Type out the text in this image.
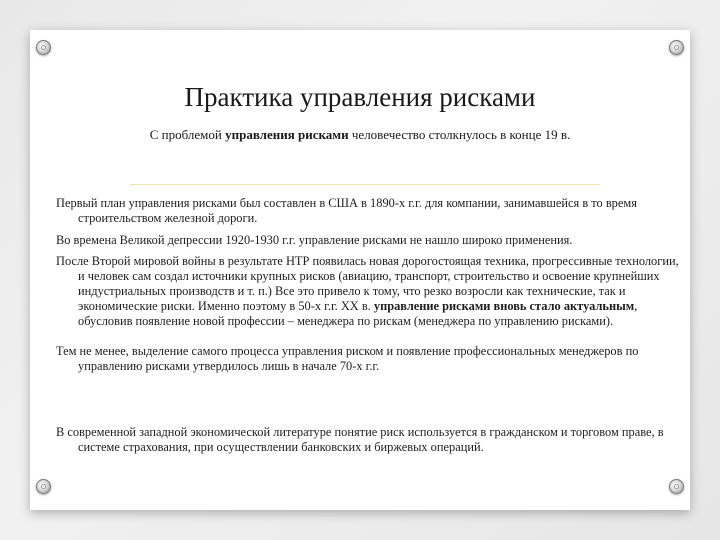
Практика управления рисками
С проблемой управления рисками человечество столкнулось в конце 19 в.

Первый план управления рисками был составлен в США в 1890-х г.г. для компании, занимавшейся в то время строительством железной дороги.

Во времена Великой депрессии 1920-1930 г.г. управление рисками не нашло широко применения.

После Второй мировой войны в результате НТР появилась новая дорогостоящая техника, прогрессивные технологии, и человек сам создал источники крупных рисков (авиацию, транспорт, строительство и освоение крупнейших индустриальных производств и т. п.) Все это привело к тому, что резко возросли как технические, так и экономические риски. Именно поэтому в 50-х г.г. XX в. управление рисками вновь стало актуальным, обусловив появление новой профессии – менеджера по рискам (менеджера по управлению рисками).

Тем не менее, выделение самого процесса управления риском и появление профессиональных менеджеров по управлению рисками утвердилось лишь в начале 70-х г.г.

В современной западной экономической литературе понятие риск используется в гражданском и торговом праве, в системе страхования, при осуществлении банковских и биржевых операций.
